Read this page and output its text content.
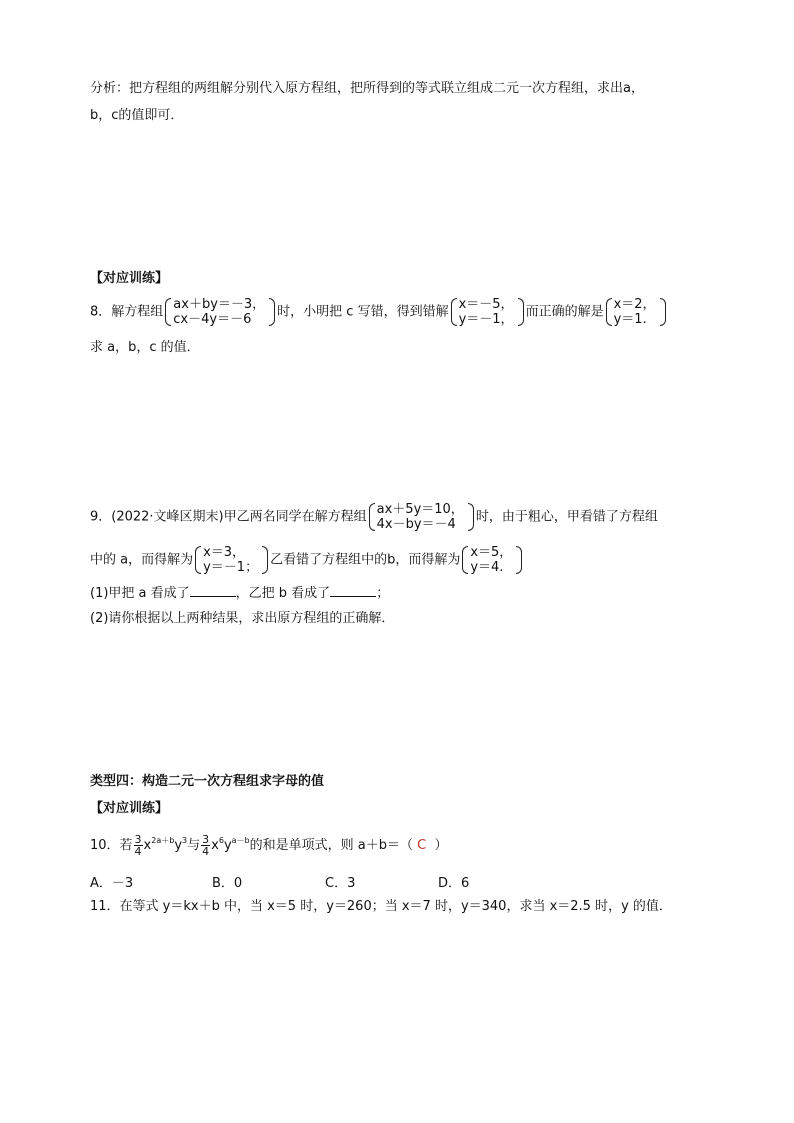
分析：把方程组的两组解分别代入原方程组，把所得到的等式联立组成二元一次方程组，求出a，
b，c的值即可．
【对应训练】
8．解方程组 ax＋by＝－3，
cx－4y＝－6	时，小明把 c 写错，得到错解 x＝－5，
y＝－1， 而正确的解是 x＝2，
y＝1.
求 a，b，c 的值．
9．(2022·文峰区期末)甲乙两名同学在解方程组 ax＋5y＝10，
4x－by＝－4	时，由于粗心，甲看错了方程组
中的 a，而得解为 x＝3，
y＝－1； 乙看错了方程组中的b，而得解为 x＝5，
y＝4.
(1)甲把 a 看成了	，乙把 b 看成了	；
(2)请你根据以上两种结果，求出原方程组的正确解．
类型四：构造二元一次方程组求字母的值
【对应训练】
10．若 $\frac{3}{4} x^{2a+b}y^3$与 $\frac{3}{4} x^6y^{a-b}$的和是单项式，则 a＋b＝（ C ）
A．－3	B．0	C．3	D．6
11．在等式 y＝kx＋b 中，当 x＝5 时，y＝260；当 x＝7 时，y＝340，求当 x＝2.5 时，y 的值．
